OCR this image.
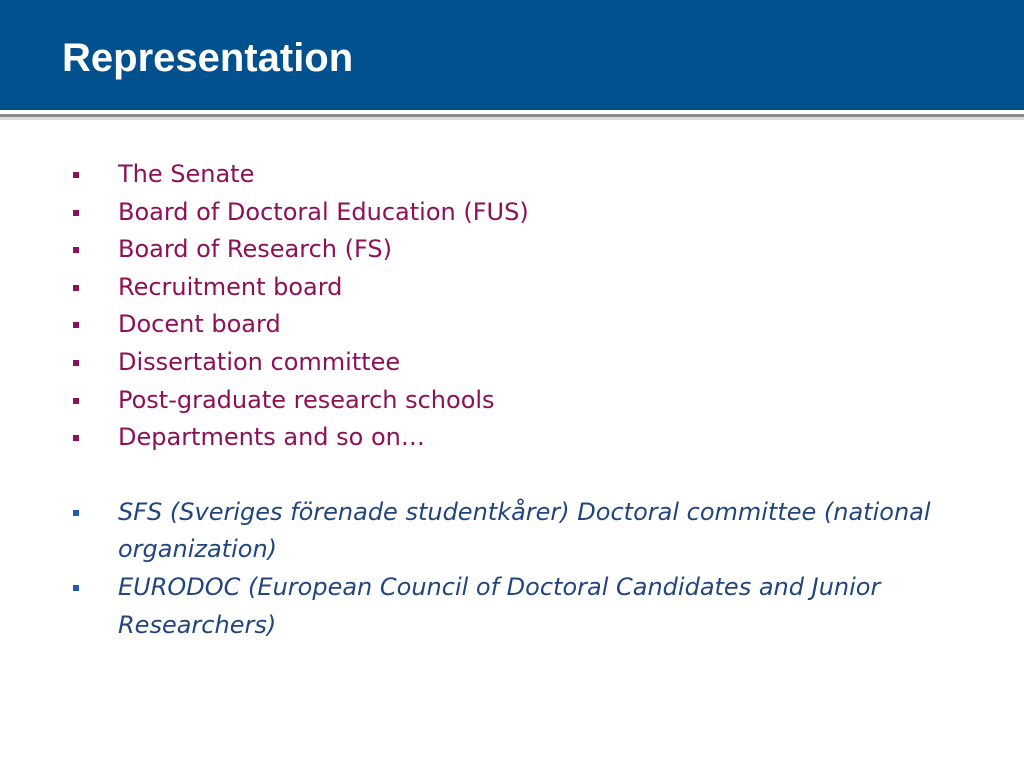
Representation
The Senate
Board of Doctoral Education (FUS)
Board of Research (FS)
Recruitment board
Docent board
Dissertation committee
Post-graduate research schools
Departments and so on…
SFS (Sveriges förenade studentkårer) Doctoral committee (national organization)
EURODOC (European Council of Doctoral Candidates and Junior Researchers)
